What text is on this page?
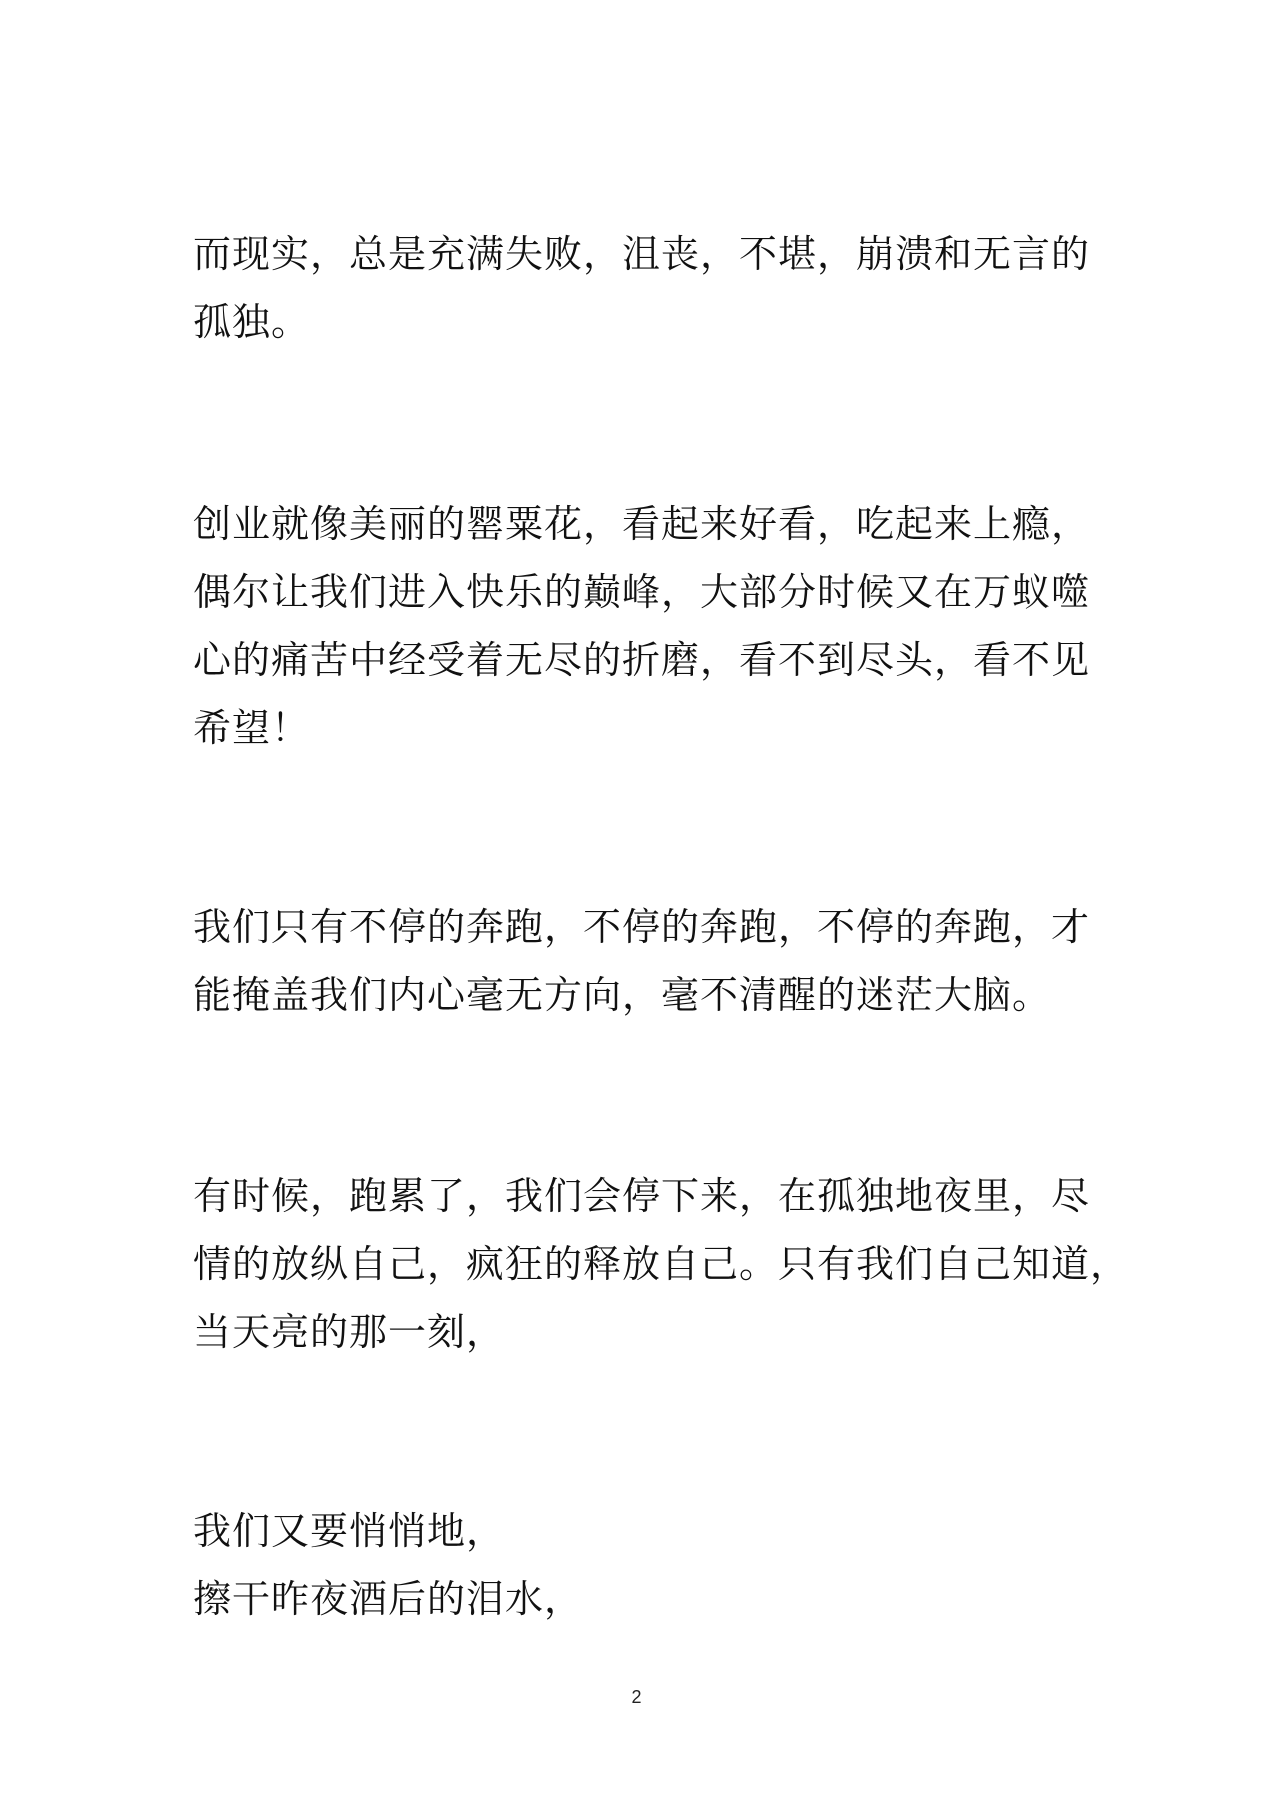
而现实，总是充满失败，沮丧，不堪，崩溃和无言的
孤独。
创业就像美丽的罂粟花，看起来好看，吃起来上瘾，
偶尔让我们进入快乐的巅峰，大部分时候又在万蚁噬
心的痛苦中经受着无尽的折磨，看不到尽头，看不见
希望！
我们只有不停的奔跑，不停的奔跑，不停的奔跑，才
能掩盖我们内心毫无方向，毫不清醒的迷茫大脑。
有时候，跑累了，我们会停下来，在孤独地夜里，尽
情的放纵自己，疯狂的释放自己。只有我们自己知道，
当天亮的那一刻，
我们又要悄悄地，
擦干昨夜酒后的泪水，
2
